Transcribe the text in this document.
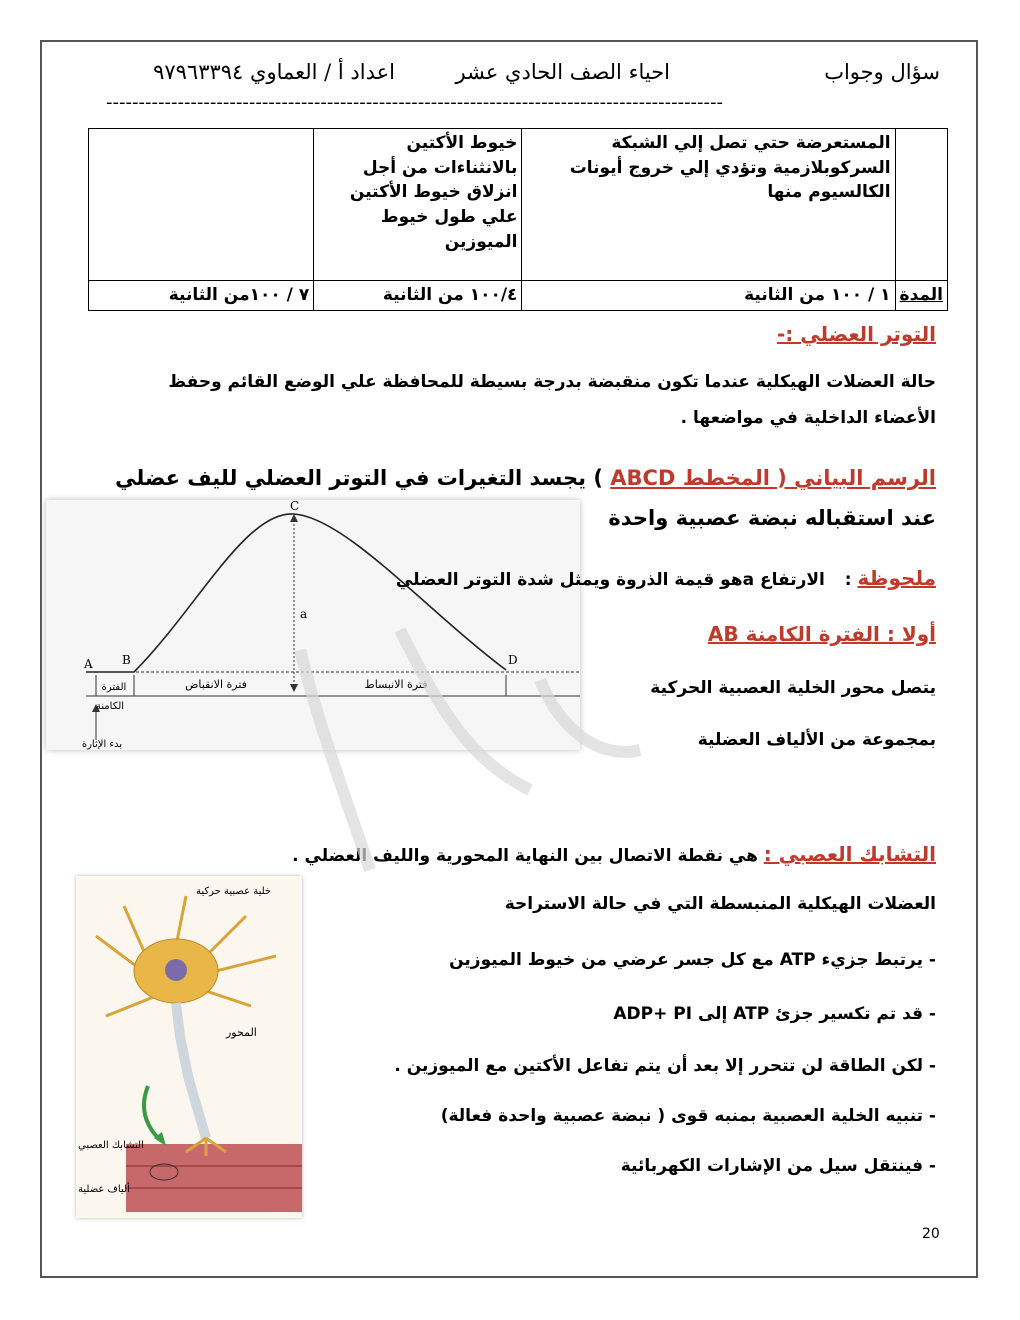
سؤال وجواب
احياء الصف الحادي عشر
اعداد أ / العماوي ٩٧٩٦٣٣٩٤
-----------------------------------------------------------------------------------------------
	المستعرضة حتي تصل إلي الشبكة السركوبلازمية وتؤدي إلي خروج أيونات الكالسيوم منها	خيوط الأكتين بالانثناءات من أجل انزلاق خيوط الأكتين علي طول خيوط الميوزين	
المدة	١ / ١٠٠ من الثانية	١٠٠/٤ من الثانية	٧ / ١٠٠من الثانية
التوتر العضلي :-
حالة العضلات الهيكلية عندما تكون منقبضة بدرجة بسيطة للمحافظة علي الوضع القائم وحفظ
الأعضاء الداخلية في مواضعها .
الرسم البياني ( المخطط ABCD ) يجسد التغيرات في التوتر العضلي لليف عضلي
عند استقباله نبضة عصبية واحدة
A B
C
D
a
الفترة
الكامنة
فترة الانقباض	فترة الانبساط
بدء الإثارة
ملحوظة : الارتفاع aهو قيمة الذروة ويمثل شدة التوتر العضلي
أولا : الفترة الكامنة AB
يتصل محور الخلية العصبية الحركية
بمجموعة من الألياف العضلية
التشابك العصبي : هي نقطة الاتصال بين النهاية المحورية والليف العضلي .
العضلات الهيكلية المنبسطة التي في حالة الاستراحة
- يرتبط جزيء ATP مع كل جسر عرضي من خيوط الميوزين
- قد تم تكسير جزئ ATP إلى ADP+ PI
- لكن الطاقة لن تتحرر إلا بعد أن يتم تفاعل الأكتين مع الميوزين .
- تنبيه الخلية العصبية بمنبه قوى ( نبضة عصبية واحدة فعالة)
- فينتقل سيل من الإشارات الكهربائية
خلية عصبية حركية
المحور
التشابك العصبي
ألياف عضلية
20
